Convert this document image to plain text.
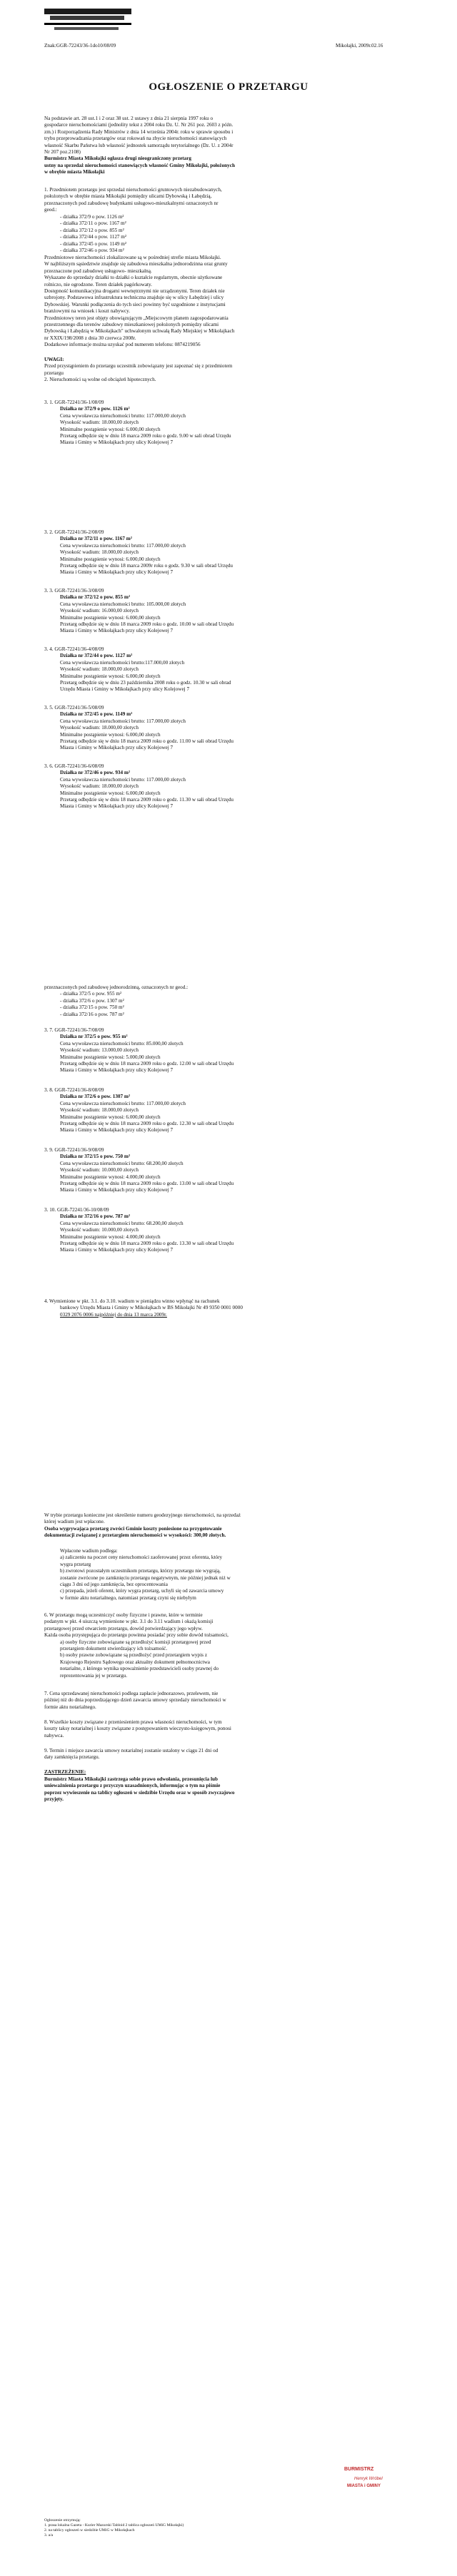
Znak:GGR-72243/36-1do10/08/09	Mikołajki, 2009r.02.16

OGŁOSZENIE O PRZETARGU

Na podstawie art. 28 ust.1 i 2 oraz 38 ust. 2 ustawy z dnia 21 sierpnia 1997 roku o

gospodarce nieruchomościami (jednolity tekst z 2004 roku Dz. U. Nr 261 poz. 2603 z późn.

zm.) i Rozporządzenia Rady Ministrów z dnia 14 września 2004r. roku w sprawie sposobu i

trybu przeprowadzania przetargów oraz rokowań na zbycie nieruchomości stanowiących

własność Skarbu Państwa lub własność jednostek samorządu terytorialnego (Dz. U. z 2004r

Nr 207 poz.2108)

Burmistrz Miasta Mikołajki ogłasza drugi nieograniczony przetarg

ustny na sprzedaż nieruchomości stanowiących własność Gminy Mikołajki, położonych

w obrębie miasta Mikołajki

1. Przedmiotem przetargu jest sprzedaż nieruchomości gruntowych niezabudowanych,

położonych w obrębie miasta Mikołajki pomiędzy ulicami Dybowską i Łabędzią,

przeznaczonych pod zabudowę budynkami usługowo-mieszkalnymi oznaczonych nr

geod.:

- działka 372/9 o pow. 1126 m²

- działka 372/11 o pow. 1167 m²

- działka 372/12 o pow. 855 m²

- działka 372/44 o pow. 1127 m²

- działka 372/45 o pow. 1149 m²

- działka 372/46 o pow. 934 m²

Przedmiotowe nieruchomości zlokalizowane są w pośredniej strefie miasta Mikołajki.

W najbliższym sąsiedztwie znajduje się zabudowa mieszkalna jednorodzinna oraz grunty

przeznaczone pod zabudowę usługowo- mieszkalną.

Wykazane do sprzedaży działki to działki o kształcie regularnym, obecnie użytkowane

rolniczo, nie ogrodzone. Teren działek pagórkowaty.

Dostępność komunikacyjna drogami wewnętrznymi nie urządzonymi. Teren działek nie

uzbrojony. Podstawowa infrastruktura techniczna znajduje się w ulicy Łabędziej i ulicy

Dybowskiej. Warunki podłączenia do tych sieci powinny być uzgodnione z instytucjami

branżowymi na wniosek i koszt nabywcy.

Przedmiotowy teren jest objęty obowiązującym „Miejscowym planem zagospodarowania

przestrzennego dla terenów zabudowy mieszkaniowej położonych pomiędzy ulicami

Dybowską i Łabędzią w Mikołajkach" uchwalonym uchwałą Rady Miejskiej w Mikołajkach

nr XXIX/198/2008 z dnia 30 czerwca 2008r.

Dodatkowe informacje można uzyskać pod numerem telefonu: 0874219056

UWAGI:

Przed przystąpieniem do przetargu uczestnik zobowiązany jest zapoznać się z przedmiotem

przetargu

2. Nieruchomości są wolne od obciążeń hipotecznych.

3. 1. GGR-72241/36-1/08/09

Działka nr 372/9 o pow. 1126 m²

Cena wywoławcza nieruchomości brutto: 117.000,00 złotych

Wysokość wadium: 18.000,00 złotych

Minimalne postąpienie wynosi: 6.000,00 złotych

Przetarg odbędzie się w dniu 18 marca 2009 roku o godz. 9.00 w sali obrad Urzędu

Miasta i Gminy w Mikołajkach przy ulicy Kolejowej 7

3. 2. GGR-72241/36-2/08/09

Działka nr 372/11 o pow. 1167 m²

Cena wywoławcza nieruchomości brutto: 117.000,00 złotych

Wysokość wadium: 18.000,00 złotych

Minimalne postąpienie wynosi: 6.000,00 złotych

Przetarg odbędzie się w dniu 18 marca 2009r roku o godz. 9.30 w sali obrad Urzędu

Miasta i Gminy w Mikołajkach przy ulicy Kolejowej 7

3. 3. GGR-72241/36-3/08/09

Działka nr 372/12 o pow. 855 m²

Cena wywoławcza nieruchomości brutto: 105.000,00 złotych

Wysokość wadium: 16.000,00 złotych

Minimalne postąpienie wynosi: 6.000,00 złotych

Przetarg odbędzie się w dniu 18 marca 2009 roku o godz. 10.00 w sali obrad Urzędu

Miasta i Gminy w Mikołajkach przy ulicy Kolejowej 7

3. 4. GGR-72241/36-4/08/09

Działka nr 372/44 o pow. 1127 m²

Cena wywoławcza nieruchomości brutto:117.000,00 złotych

Wysokość wadium: 18.000,00 złotych

Minimalne postąpienie wynosi: 6.000,00 złotych

Przetarg odbędzie się w dniu 23 października 2008 roku o godz. 10.30 w sali obrad

Urzędu Miasta i Gminy w Mikołajkach przy ulicy Kolejowej 7

3. 5. GGR-72241/36-5/08/09

Działka nr 372/45 o pow. 1149 m²

Cena wywoławcza nieruchomości brutto: 117.000,00 złotych

Wysokość wadium: 18.000,00 złotych

Minimalne postąpienie wynosi: 6.000,00 złotych

Przetarg odbędzie się w dniu 18 marca 2009 roku o godz. 11.00 w sali obrad Urzędu

Miasta i Gminy w Mikołajkach przy ulicy Kolejowej 7

3. 6. GGR-72241/36-6/08/09

Działka nr 372/46 o pow. 934 m²

Cena wywoławcza nieruchomości brutto: 117.000,00 złotych

Wysokość wadium: 18.000,00 złotych

Minimalne postąpienie wynosi: 6.000,00 złotych

Przetarg odbędzie się w dniu 18 marca 2009 roku o godz. 11.30 w sali obrad Urzędu

Miasta i Gminy w Mikołajkach przy ulicy Kolejowej 7

przeznaczonych pod zabudowę jednorodzinną, oznaczonych nr geod.:

- działka 372/5 o pow. 955 m²

- działka 372/6 o pow. 1307 m²

- działka 372/15 o pow. 750 m²

- działka 372/16 o pow. 787 m²

3. 7. GGR-72241/36-7/08/09

Działka nr 372/5 o pow. 955 m²

Cena wywoławcza nieruchomości brutto: 85.000,00 złotych

Wysokość wadium: 13.000,00 złotych

Minimalne postąpienie wynosi: 5.000,00 złotych

Przetarg odbędzie się w dniu 18 marca 2009 roku o godz. 12.00 w sali obrad Urzędu

Miasta i Gminy w Mikołajkach przy ulicy Kolejowej 7

3. 8. GGR-72241/36-8/08/09

Działka nr 372/6 o pow. 1307 m²

Cena wywoławcza nieruchomości brutto: 117.000,00 złotych

Wysokość wadium: 18.000,00 złotych

Minimalne postąpienie wynosi: 6.000,00 złotych

Przetarg odbędzie się w dniu 18 marca 2009 roku o godz. 12.30 w sali obrad Urzędu

Miasta i Gminy w Mikołajkach przy ulicy Kolejowej 7

3. 9. GGR-72241/36-9/08/09

Działka nr 372/15 o pow. 750 m²

Cena wywoławcza nieruchomości brutto: 68.200,00 złotych

Wysokość wadium: 10.000,00 złotych

Minimalne postąpienie wynosi: 4.000,00 złotych

Przetarg odbędzie się w dniu 18 marca 2009 roku o godz. 13.00 w sali obrad Urzędu

Miasta i Gminy w Mikołajkach przy ulicy Kolejowej 7

3. 10. GGR-72241/36-10/08/09

Działka nr 372/16 o pow. 787 m²

Cena wywoławcza nieruchomości brutto: 68.200,00 złotych

Wysokość wadium: 10.000,00 złotych

Minimalne postąpienie wynosi: 4.000,00 złotych

Przetarg odbędzie się w dniu 18 marca 2009 roku o godz. 13.30 w sali obrad Urzędu

Miasta i Gminy w Mikołajkach przy ulicy Kolejowej 7

4. Wymienione w pkt. 3.1. do 3.10. wadium w pieniądzu winno wpłynąć na rachunek

bankowy Urzędu Miasta i Gminy w Mikołajkach w BS Mikołajki Nr 49 9350 0001 0000

0329 2076 0006 najpóźniej do dnia 13 marca 2009r.

W trybie przetargu konieczne jest określenie numeru geodezyjnego nieruchomości, na sprzedaż

której wadium jest wpłacone.

Osoba wygrywająca przetarg zwróci Gminie koszty poniesione na przygotowanie

dokumentacji związanej z przetargiem nieruchomości w wysokości: 300,00 złotych.

Wpłacone wadium podlega:

a) zaliczeniu na poczet ceny nieruchomości zaoferowanej przez oferenta, który

wygra przetarg

b) zwrotowi pozostałym uczestnikom przetargu, którzy przetargu nie wygrają,

zostanie zwrócone po zamknięciu przetargu negatywnym, nie później jednak niż w

ciągu 3 dni od jego zamknięcia, bez oprocentowania

c) przepada, jeżeli oferent, który wygra przetarg, uchyli się od zawarcia umowy

w formie aktu notarialnego, natomiast przetarg czyni się niebyłym

6. W przetargu mogą uczestniczyć osoby fizyczne i prawne, które w terminie

podanym w pkt. 4 uiszczą wymienione w pkt. 3.1 do 3.11 wadium i okażą komisji

przetargowej przed otwarciem przetargu, dowód potwierdzający jego wpływ.

Każda osoba przystępująca do przetargu powinna posiadać przy sobie dowód tożsamości,

a) osoby fizyczne zobowiązane są przedłożyć komisji przetargowej przed

przetargiem dokument stwierdzający ich tożsamość.

b) osoby prawne zobowiązane są przedłożyć przed przetargiem wypis z

Krajowego Rejestru Sądowego oraz aktualny dokument pełnomocnictwa

notarialne, z którego wynika upoważnienie przedstawicieli osoby prawnej do

reprezentowania jej w przetargu.

7. Cena sprzedawanej nieruchomości podlega zapłacie jednorazowo, przelewem, nie

później niż do dnia poprzedzającego dzień zawarcia umowy sprzedaży nieruchomości w

formie aktu notarialnego.

8. Wszelkie koszty związane z przeniesieniem prawa własności nieruchomości, w tym

koszty taksy notarialnej i koszty związane z postępowaniem wieczysto-księgowym, ponosi

nabywca.

9. Termin i miejsce zawarcia umowy notarialnej zostanie ustalony w ciągu 21 dni od

daty zamknięcia przetargu.

ZASTRZEŻENIE:

Burmistrz Miasta Mikołajki zastrzega sobie prawo odwołania, przesunięcia lub

unieważnienia przetargu z przyczyn uzasadnionych, informując o tym na piśmie

poprzez wywieszenie na tablicy ogłoszeń w siedzibie Urzędu oraz w sposób zwyczajowo

przyjęty.

BURMISTRZ
Henryk Wróbel
MIASTA i GMINY

Ogłoszenie otrzymują:

1. prasa lokalna Gazeta - Kurier Mazurski Tabloid 2 tablica ogłoszeń UMiG Mikołajki)

2. na tablicy ogłoszeń w siedzibie UMiG w Mikołajkach

3. a/a
